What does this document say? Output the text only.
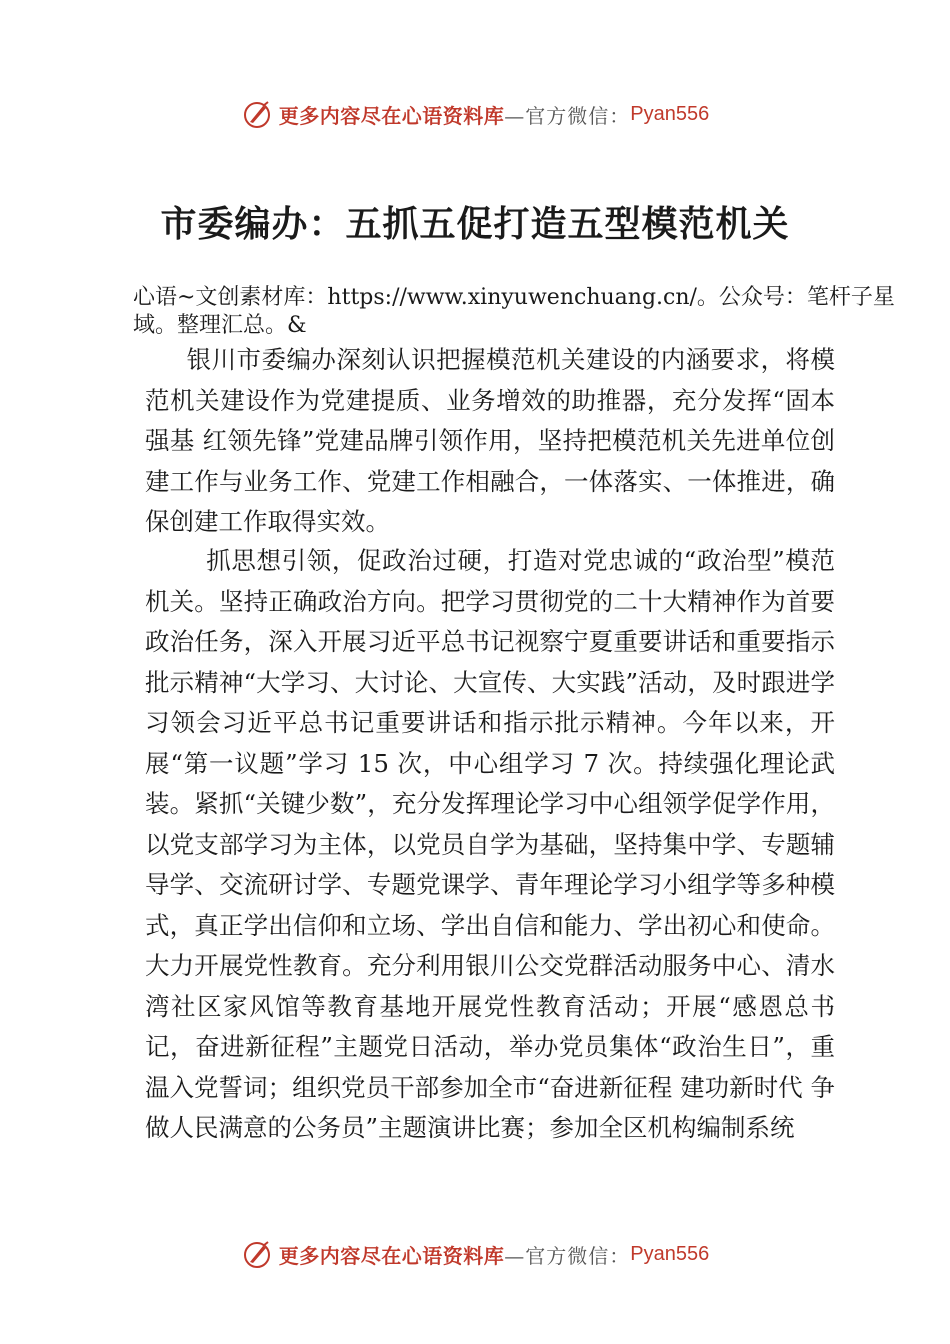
更多内容尽在心语资料库 —官方微信： Pyan556
市委编办：五抓五促打造五型模范机关
心语~文创素材库：https://www.xinyuwenchuang.cn/。公众号：笔杆子星域。整理汇总。&

银川市委编办深刻认识把握模范机关建设的内涵要求，将模范机关建设作为党建提质、业务增效的助推器，充分发挥“固本强基 红领先锋”党建品牌引领作用，坚持把模范机关先进单位创建工作与业务工作、党建工作相融合，一体落实、一体推进，确保创建工作取得实效。

抓思想引领，促政治过硬，打造对党忠诚的“政治型”模范机关。坚持正确政治方向。把学习贯彻党的二十大精神作为首要政治任务，深入开展习近平总书记视察宁夏重要讲话和重要指示批示精神“大学习、大讨论、大宣传、大实践”活动，及时跟进学习领会习近平总书记重要讲话和指示批示精神。今年以来，开展“第一议题”学习 15 次，中心组学习 7 次。持续强化理论武装。紧抓“关键少数”，充分发挥理论学习中心组领学促学作用，以党支部学习为主体，以党员自学为基础，坚持集中学、专题辅导学、交流研讨学、专题党课学、青年理论学习小组学等多种模式，真正学出信仰和立场、学出自信和能力、学出初心和使命。大力开展党性教育。充分利用银川公交党群活动服务中心、清水湾社区家风馆等教育基地开展党性教育活动；开展“感恩总书记，奋进新征程”主题党日活动，举办党员集体“政治生日”，重温入党誓词；组织党员干部参加全市“奋进新征程 建功新时代 争做人民满意的公务员”主题演讲比赛；参加全区机构编制系统

更多内容尽在心语资料库 —官方微信： Pyan556
